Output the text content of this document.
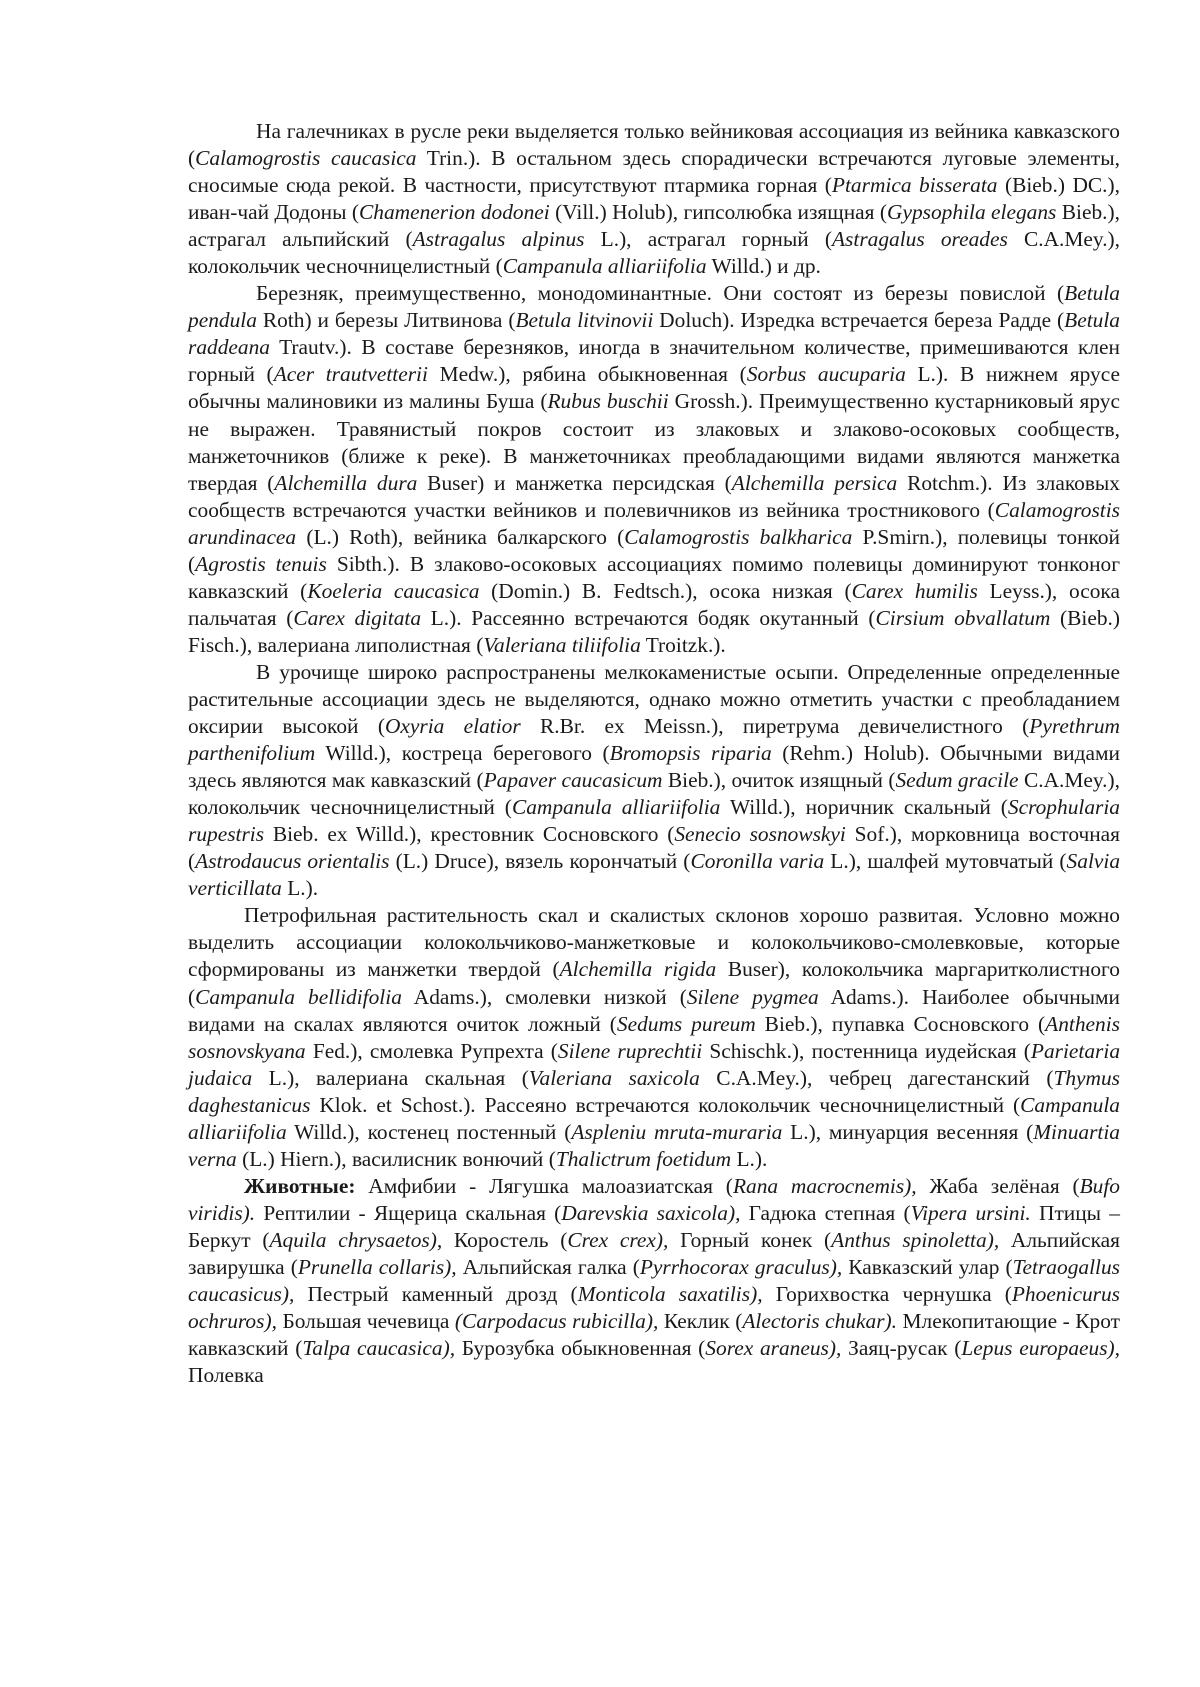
На галечниках в русле реки выделяется только вейниковая ассоциация из вейника кавказского (Calamogrostis caucasica Trin.). В остальном здесь спорадически встречаются луговые элементы, сносимые сюда рекой. В частности, присутствуют птармика горная (Ptarmica bisserata (Bieb.) DC.), иван-чай Додоны (Chamenerion dodonei (Vill.) Holub), гипсолюбка изящная (Gypsophila elegans Bieb.), астрагал альпийский (Astragalus alpinus L.), астрагал горный (Astragalus oreades C.A.Mey.), колокольчик чесночницелистный (Campanula alliariifolia Willd.) и др.

Березняк, преимущественно, монодоминантные. Они состоят из березы повислой (Betula pendula Roth) и березы Литвинова (Betula litvinovii Doluch). Изредка встречается береза Радде (Betula raddeana Trautv.). В составе березняков, иногда в значительном количестве, примешиваются клен горный (Acer trautvetterii Medw.), рябина обыкновенная (Sorbus aucuparia L.). В нижнем ярусе обычны малиновики из малины Буша (Rubus buschii Grossh.). Преимущественно кустарниковый ярус не выражен. Травянистый покров состоит из злаковых и злаково-осоковых сообществ, манжеточников (ближе к реке). В манжеточниках преобладающими видами являются манжетка твердая (Alchemilla dura Buser) и манжетка персидская (Alchemilla persica Rotchm.). Из злаковых сообществ встречаются участки вейников и полевичников из вейника тростникового (Calamogrostis arundinacea (L.) Roth), вейника балкарского (Calamogrostis balkharica P.Smirn.), полевицы тонкой (Agrostis tenuis Sibth.). В злаково-осоковых ассоциациях помимо полевицы доминируют тонконог кавказский (Koeleria caucasica (Domin.) B. Fedtsch.), осока низкая (Carex humilis Leyss.), осока пальчатая (Carex digitata L.). Рассеянно встречаются бодяк окутанный (Cirsium obvallatum (Bieb.) Fisch.), валериана липолистная (Valeriana tiliifolia Troitzk.).

В урочище широко распространены мелкокаменистые осыпи. Определенные определенные растительные ассоциации здесь не выделяются, однако можно отметить участки с преобладанием оксирии высокой (Oxyria elatior R.Br. ex Meissn.), пиретрума девичелистного (Pyrethrum parthenifolium Willd.), костреца берегового (Bromopsis riparia (Rehm.) Holub). Обычными видами здесь являются мак кавказский (Papaver caucasicum Bieb.), очиток изящный (Sedum gracile C.A.Mey.), колокольчик чесночницелистный (Campanula alliariifolia Willd.), норичник скальный (Scrophularia rupestris Bieb. ex Willd.), крестовник Сосновского (Senecio sosnowskyi Sof.), морковница восточная (Astrodaucus orientalis (L.) Druce), вязель корончатый (Coronilla varia L.), шалфей мутовчатый (Salvia verticillata L.).

Петрофильная растительность скал и скалистых склонов хорошо развитая. Условно можно выделить ассоциации колокольчиково-манжетковые и колокольчиково-смолевковые, которые сформированы из манжетки твердой (Alchemilla rigida Buser), колокольчика маргаритколистного (Campanula bellidifolia Adams.), смолевки низкой (Silene pygmea Adams.). Наиболее обычными видами на скалах являются очиток ложный (Sedums pureum Bieb.), пупавка Сосновского (Anthenis sosnovskyana Fed.), смолевка Рупрехта (Silene ruprechtii Schischk.), постенница иудейская (Parietaria judaica L.), валериана скальная (Valeriana saxicola C.A.Mey.), чебрец дагестанский (Thymus daghestanicus Klok. et Schost.). Рассеяно встречаются колокольчик чесночницелистный (Campanula alliariifolia Willd.), костенец постенный (Aspleniu mruta-muraria L.), минуарция весенняя (Minuartia verna (L.) Hiern.), василисник вонючий (Thalictrum foetidum L.).

Животные: Амфибии - Лягушка малоазиатская (Rana macrocnemis), Жаба зелёная (Bufo viridis). Рептилии - Ящерица скальная (Darevskia saxicola), Гадюка степная (Vipera ursini. Птицы – Беркут (Aquila chrysaetos), Коростель (Crex crex), Горный конек (Anthus spinoletta), Альпийская завирушка (Prunella collaris), Альпийская галка (Pyrrhocorax graculus), Кавказский улар (Tetraogallus caucasicus), Пестрый каменный дрозд (Monticola saxatilis), Горихвостка чернушка (Phoenicurus ochruros), Большая чечевица (Carpodacus rubicilla), Кеклик (Alectoris chukar). Млекопитающие - Крот кавказский (Talpa caucasica), Бурозубка обыкновенная (Sorex araneus), Заяц-русак (Lepus europaeus), Полевка
